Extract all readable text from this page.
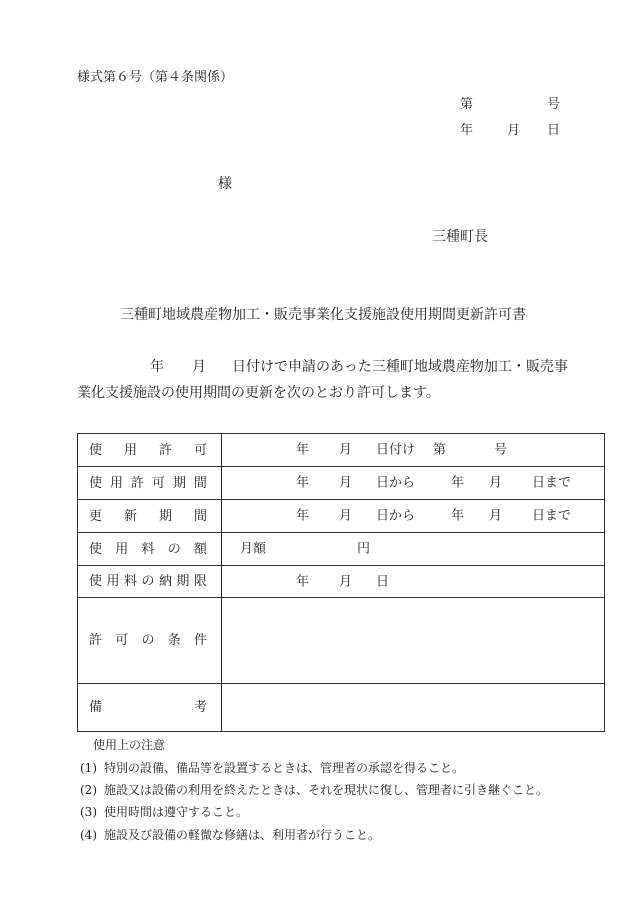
様式第６号（第４条関係）
第	号
年	月 日
様
三種町長
三種町地域農産物加工・販売事業化支援施設使用期間更新許可書
年 月 日付けで申請のあった三種町地域農産物加工・販売事
業化支援施設の使用期間の更新を次のとおり許可します。
使 用 許 可	年 月 日付け 第	号
使 用 許 可 期 間	年 月 日から	年 月 日まで
更 新 期 間	年 月 日から	年 月 日まで
使 用 料 の 額	月額	円
使 用 料 の 納 期 限	年 月 日
許 可 の 条 件
備	考
使用上の注意
(1) 特別の設備、備品等を設置するときは、管理者の承認を得ること。
(2) 施設又は設備の利用を終えたときは、それを現状に復し、管理者に引き継ぐこと。
(3) 使用時間は遵守すること。
(4) 施設及び設備の軽微な修繕は、利用者が行うこと。
